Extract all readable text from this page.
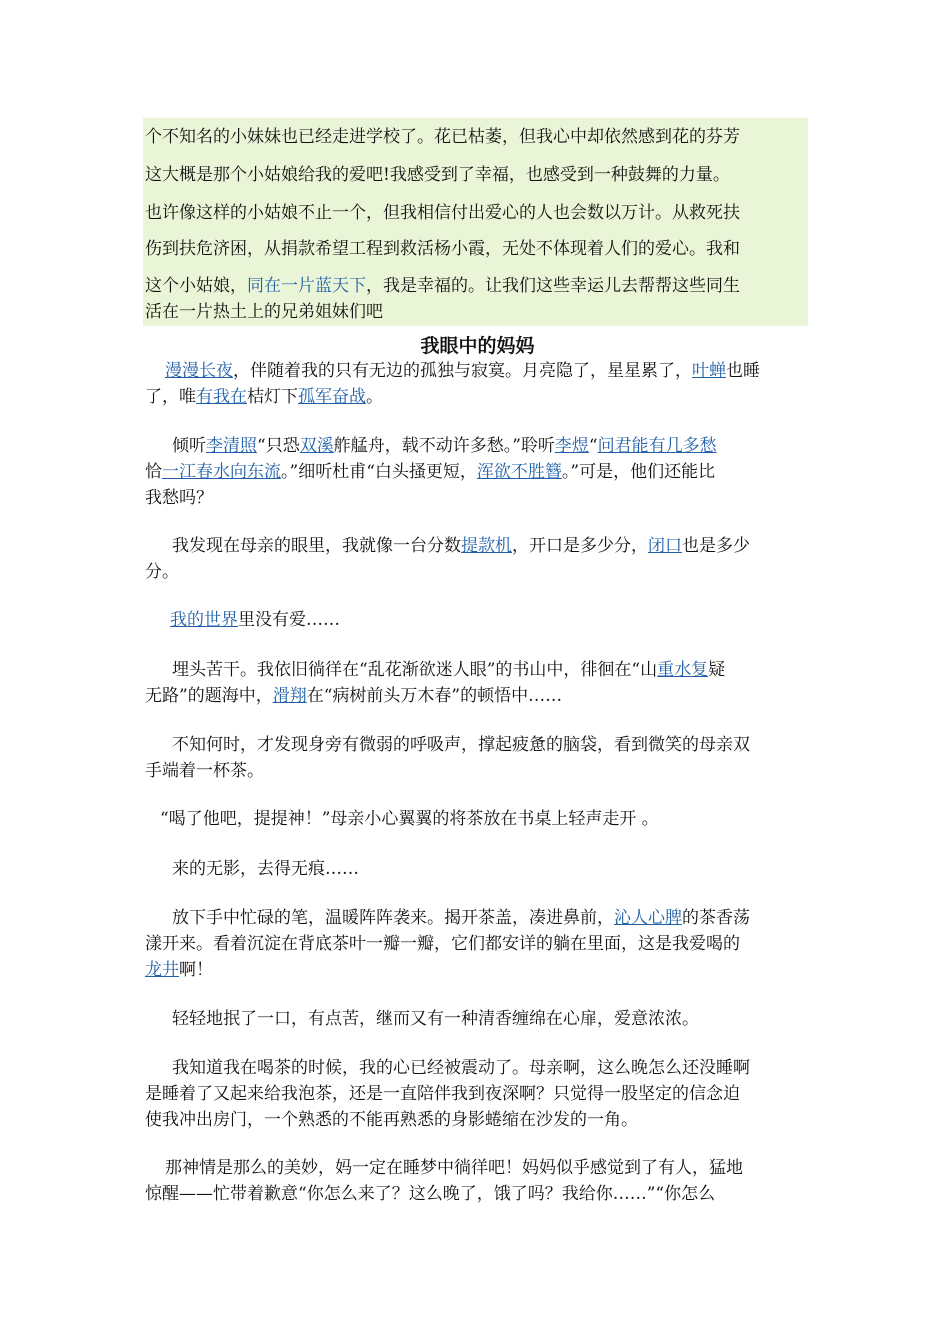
个不知名的小妹妹也已经走进学校了。花已枯萎，但我心中却依然感到花的芬芳
这大概是那个小姑娘给我的爱吧!我感受到了幸福，也感受到一种鼓舞的力量。
也许像这样的小姑娘不止一个，但我相信付出爱心的人也会数以万计。从救死扶
伤到扶危济困，从捐款希望工程到救活杨小霞，无处不体现着人们的爱心。我和
这个小姑娘，同在一片蓝天下，我是幸福的。让我们这些幸运儿去帮帮这些同生
活在一片热土上的兄弟姐妹们吧
我眼中的妈妈
漫漫长夜，伴随着我的只有无边的孤独与寂寞。月亮隐了，星星累了，叶蝉也睡
了，唯有我在桔灯下孤军奋战。
倾听李清照“只恐双溪舴艋舟，载不动许多愁。”聆听李煜“问君能有几多愁
恰一江春水向东流。”细听杜甫“白头搔更短，浑欲不胜簪。”可是，他们还能比
我愁吗？
我发现在母亲的眼里，我就像一台分数提款机，开口是多少分，闭口也是多少
分。
我的世界里没有爱……
埋头苦干。我依旧徜徉在“乱花渐欲迷人眼”的书山中，徘徊在“山重水复疑
无路”的题海中，滑翔在“病树前头万木春”的顿悟中……
不知何时，才发现身旁有微弱的呼吸声，撑起疲惫的脑袋，看到微笑的母亲双
手端着一杯茶。
“喝了他吧，提提神！”母亲小心翼翼的将茶放在书桌上轻声走开 。
来的无影，去得无痕……
放下手中忙碌的笔，温暖阵阵袭来。揭开茶盖，凑进鼻前，沁人心脾的茶香荡
漾开来。看着沉淀在背底茶叶一瓣一瓣，它们都安详的躺在里面，这是我爱喝的
龙井啊！
轻轻地抿了一口，有点苦，继而又有一种清香缠绵在心扉，爱意浓浓。
我知道我在喝茶的时候，我的心已经被震动了。母亲啊，这么晚怎么还没睡啊
是睡着了又起来给我泡茶，还是一直陪伴我到夜深啊？只觉得一股坚定的信念迫
使我冲出房门，一个熟悉的不能再熟悉的身影蜷缩在沙发的一角。
那神情是那么的美妙，妈一定在睡梦中徜徉吧！妈妈似乎感觉到了有人，猛地
惊醒——忙带着歉意“你怎么来了？这么晚了，饿了吗？我给你……”“你怎么
